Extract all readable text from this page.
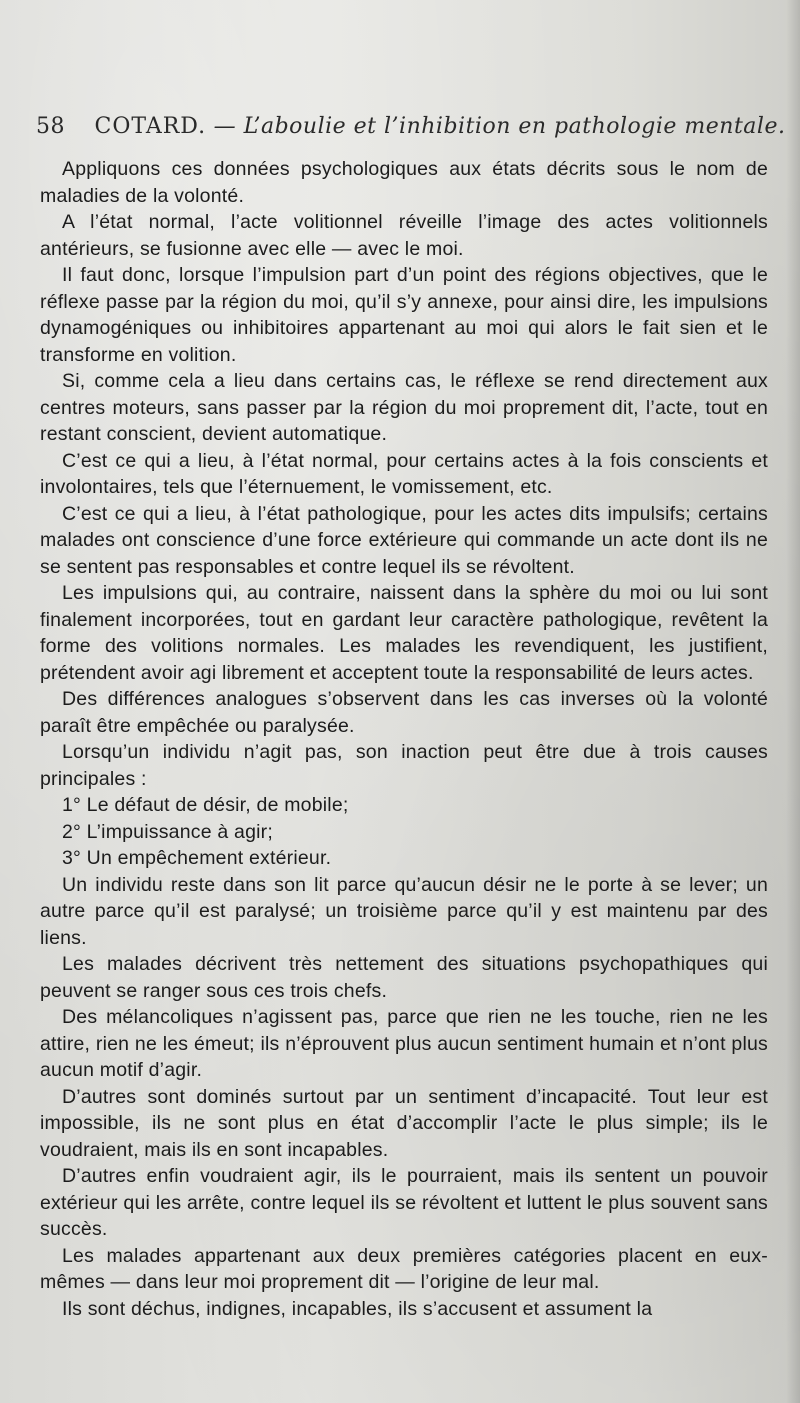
58 COTARD. — L’aboulie et l’inhibition en pathologie mentale.

Appliquons ces données psychologiques aux états décrits sous le nom de maladies de la volonté.

A l’état normal, l’acte volitionnel réveille l’image des actes volitionnels antérieurs, se fusionne avec elle — avec le moi.

Il faut donc, lorsque l’impulsion part d’un point des régions objectives, que le réflexe passe par la région du moi, qu’il s’y annexe, pour ainsi dire, les impulsions dynamogéniques ou inhibitoires appartenant au moi qui alors le fait sien et le transforme en volition.

Si, comme cela a lieu dans certains cas, le réflexe se rend directement aux centres moteurs, sans passer par la région du moi proprement dit, l’acte, tout en restant conscient, devient automatique.

C’est ce qui a lieu, à l’état normal, pour certains actes à la fois conscients et involontaires, tels que l’éternuement, le vomissement, etc.

C’est ce qui a lieu, à l’état pathologique, pour les actes dits impulsifs; certains malades ont conscience d’une force extérieure qui commande un acte dont ils ne se sentent pas responsables et contre lequel ils se révoltent.

Les impulsions qui, au contraire, naissent dans la sphère du moi ou lui sont finalement incorporées, tout en gardant leur caractère pathologique, revêtent la forme des volitions normales. Les malades les revendiquent, les justifient, prétendent avoir agi librement et acceptent toute la responsabilité de leurs actes.

Des différences analogues s’observent dans les cas inverses où la volonté paraît être empêchée ou paralysée.

Lorsqu’un individu n’agit pas, son inaction peut être due à trois causes principales :

1° Le défaut de désir, de mobile;

2° L’impuissance à agir;

3° Un empêchement extérieur.

Un individu reste dans son lit parce qu’aucun désir ne le porte à se lever; un autre parce qu’il est paralysé; un troisième parce qu’il y est maintenu par des liens.

Les malades décrivent très nettement des situations psychopathiques qui peuvent se ranger sous ces trois chefs.

Des mélancoliques n’agissent pas, parce que rien ne les touche, rien ne les attire, rien ne les émeut; ils n’éprouvent plus aucun sentiment humain et n’ont plus aucun motif d’agir.

D’autres sont dominés surtout par un sentiment d’incapacité. Tout leur est impossible, ils ne sont plus en état d’accomplir l’acte le plus simple; ils le voudraient, mais ils en sont incapables.

D’autres enfin voudraient agir, ils le pourraient, mais ils sentent un pouvoir extérieur qui les arrête, contre lequel ils se révoltent et luttent le plus souvent sans succès.

Les malades appartenant aux deux premières catégories placent en eux-mêmes — dans leur moi proprement dit — l’origine de leur mal.

Ils sont déchus, indignes, incapables, ils s’accusent et assument la
